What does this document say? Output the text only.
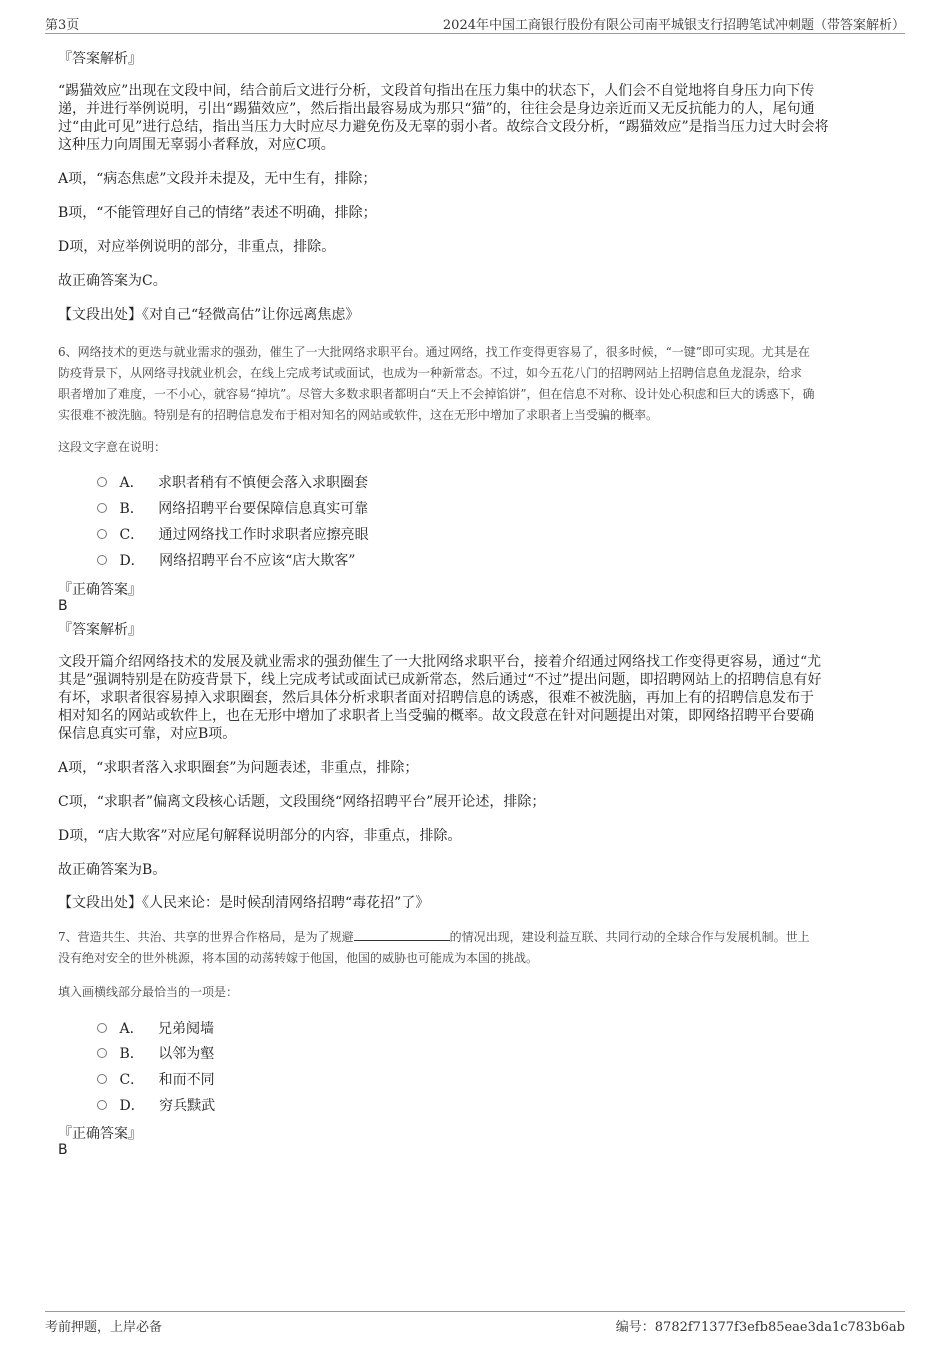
第3页	2024年中国工商银行股份有限公司南平城银支行招聘笔试冲刺题（带答案解析）
『答案解析』
“踢猫效应”出现在文段中间，结合前后文进行分析，文段首句指出在压力集中的状态下，人们会不自觉地将自身压力向下传
递，并进行举例说明，引出“踢猫效应”，然后指出最容易成为那只“猫”的，往往会是身边亲近而又无反抗能力的人，尾句通
过“由此可见”进行总结，指出当压力大时应尽力避免伤及无辜的弱小者。故综合文段分析，“踢猫效应”是指当压力过大时会将
这种压力向周围无辜弱小者释放，对应C项。
A项，“病态焦虑”文段并未提及，无中生有，排除；
B项，“不能管理好自己的情绪”表述不明确，排除；
D项，对应举例说明的部分，非重点，排除。
故正确答案为C。
【文段出处】《对自己“轻微高估”让你远离焦虑》
6、网络技术的更迭与就业需求的强劲，催生了一大批网络求职平台。通过网络，找工作变得更容易了，很多时候，“一键”即可实现。尤其是在
防疫背景下，从网络寻找就业机会，在线上完成考试或面试，也成为一种新常态。不过，如今五花八门的招聘网站上招聘信息鱼龙混杂，给求
职者增加了难度，一不小心，就容易“掉坑”。尽管大多数求职者都明白“天上不会掉馅饼”，但在信息不对称、设计处心积虑和巨大的诱惑下，确
实很难不被洗脑。特别是有的招聘信息发布于相对知名的网站或软件，这在无形中增加了求职者上当受骗的概率。
这段文字意在说明：
A． 求职者稍有不慎便会落入求职圈套
B． 网络招聘平台要保障信息真实可靠
C． 通过网络找工作时求职者应擦亮眼
D． 网络招聘平台不应该“店大欺客”
『正确答案』
B
『答案解析』
文段开篇介绍网络技术的发展及就业需求的强劲催生了一大批网络求职平台，接着介绍通过网络找工作变得更容易，通过“尤
其是”强调特别是在防疫背景下，线上完成考试或面试已成新常态，然后通过“不过”提出问题，即招聘网站上的招聘信息有好
有坏，求职者很容易掉入求职圈套，然后具体分析求职者面对招聘信息的诱惑，很难不被洗脑，再加上有的招聘信息发布于
相对知名的网站或软件上，也在无形中增加了求职者上当受骗的概率。故文段意在针对问题提出对策，即网络招聘平台要确
保信息真实可靠，对应B项。
A项，“求职者落入求职圈套”为问题表述，非重点，排除；
C项，“求职者”偏离文段核心话题，文段围绕“网络招聘平台”展开论述，排除；
D项，“店大欺客”对应尾句解释说明部分的内容，非重点，排除。
故正确答案为B。
【文段出处】《人民来论：是时候刮清网络招聘“毒花招”了》
7、营造共生、共治、共享的世界合作格局，是为了规避	的情况出现，建设利益互联、共同行动的全球合作与发展机制。世上
没有绝对安全的世外桃源，将本国的动荡转嫁于他国，他国的威胁也可能成为本国的挑战。
填入画横线部分最恰当的一项是：
A． 兄弟阋墙
B． 以邻为壑
C． 和而不同
D． 穷兵黩武
『正确答案』
B
考前押题，上岸必备	编号：8782f71377f3efb85eae3da1c783b6ab
